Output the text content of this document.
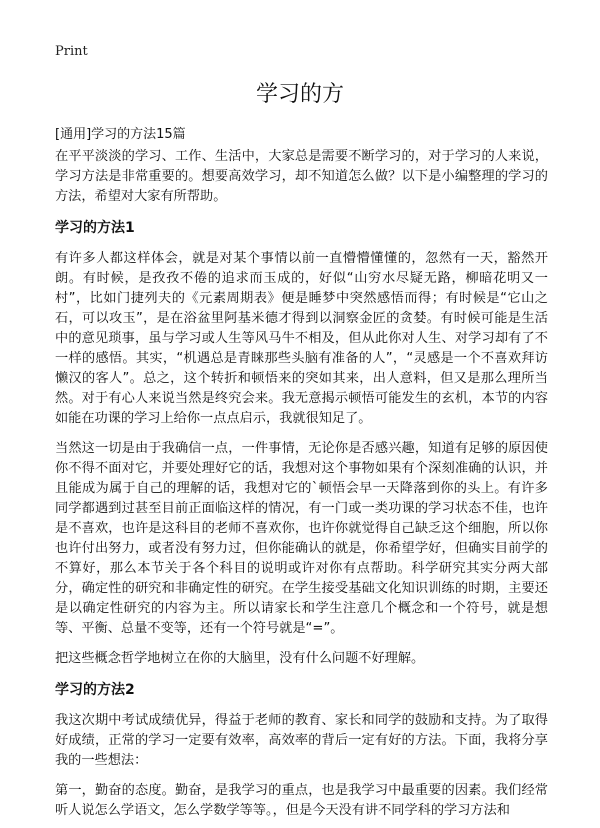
Print
学习的方
[通用]学习的方法15篇

在平平淡淡的学习、工作、生活中，大家总是需要不断学习的，对于学习的人来说，学习方法是非常重要的。想要高效学习，却不知道怎么做？以下是小编整理的学习的方法，希望对大家有所帮助。

学习的方法1

有许多人都这样体会，就是对某个事情以前一直懵懵懂懂的，忽然有一天，豁然开朗。有时候，是孜孜不倦的追求而玉成的，好似“山穷水尽疑无路，柳暗花明又一村”，比如门捷列夫的《元素周期表》便是睡梦中突然感悟而得；有时候是“它山之石，可以攻玉”，是在浴盆里阿基米德才得到以洞察金匠的贪婪。有时候可能是生活中的意见琐事，虽与学习或人生等风马牛不相及，但从此你对人生、对学习却有了不一样的感悟。其实，“机遇总是青睐那些头脑有准备的人”，“灵感是一个不喜欢拜访懒汉的客人”。总之，这个转折和顿悟来的突如其来，出人意料，但又是那么理所当然。对于有心人来说当然是终究会来。我无意揭示顿悟可能发生的玄机，本节的内容如能在功课的学习上给你一点点启示，我就很知足了。

当然这一切是由于我确信一点，一件事情，无论你是否感兴趣，知道有足够的原因使你不得不面对它，并要处理好它的话，我想对这个事物如果有个深刻准确的认识，并且能成为属于自己的理解的话，我想对它的`顿悟会早一天降落到你的头上。有许多同学都遇到过甚至目前正面临这样的情况，有一门或一类功课的学习状态不佳，也许是不喜欢，也许是这科目的老师不喜欢你，也许你就觉得自己缺乏这个细胞，所以你也许付出努力，或者没有努力过，但你能确认的就是，你希望学好，但确实目前学的不算好，那么本节关于各个科目的说明或许对你有点帮助。科学研究其实分两大部分，确定性的研究和非确定性的研究。在学生接受基础文化知识训练的时期，主要还是以确定性研究的内容为主。所以请家长和学生注意几个概念和一个符号，就是想等、平衡、总量不变等，还有一个符号就是“=”。

把这些概念哲学地树立在你的大脑里，没有什么问题不好理解。

学习的方法2

我这次期中考试成绩优异，得益于老师的教育、家长和同学的鼓励和支持。为了取得好成绩，正常的学习一定要有效率，高效率的背后一定有好的方法。下面，我将分享我的一些想法：

第一，勤奋的态度。勤奋，是我学习的重点，也是我学习中最重要的因素。我们经常听人说怎么学语文，怎么学数学等等。，但是今天没有讲不同学科的学习方法和
